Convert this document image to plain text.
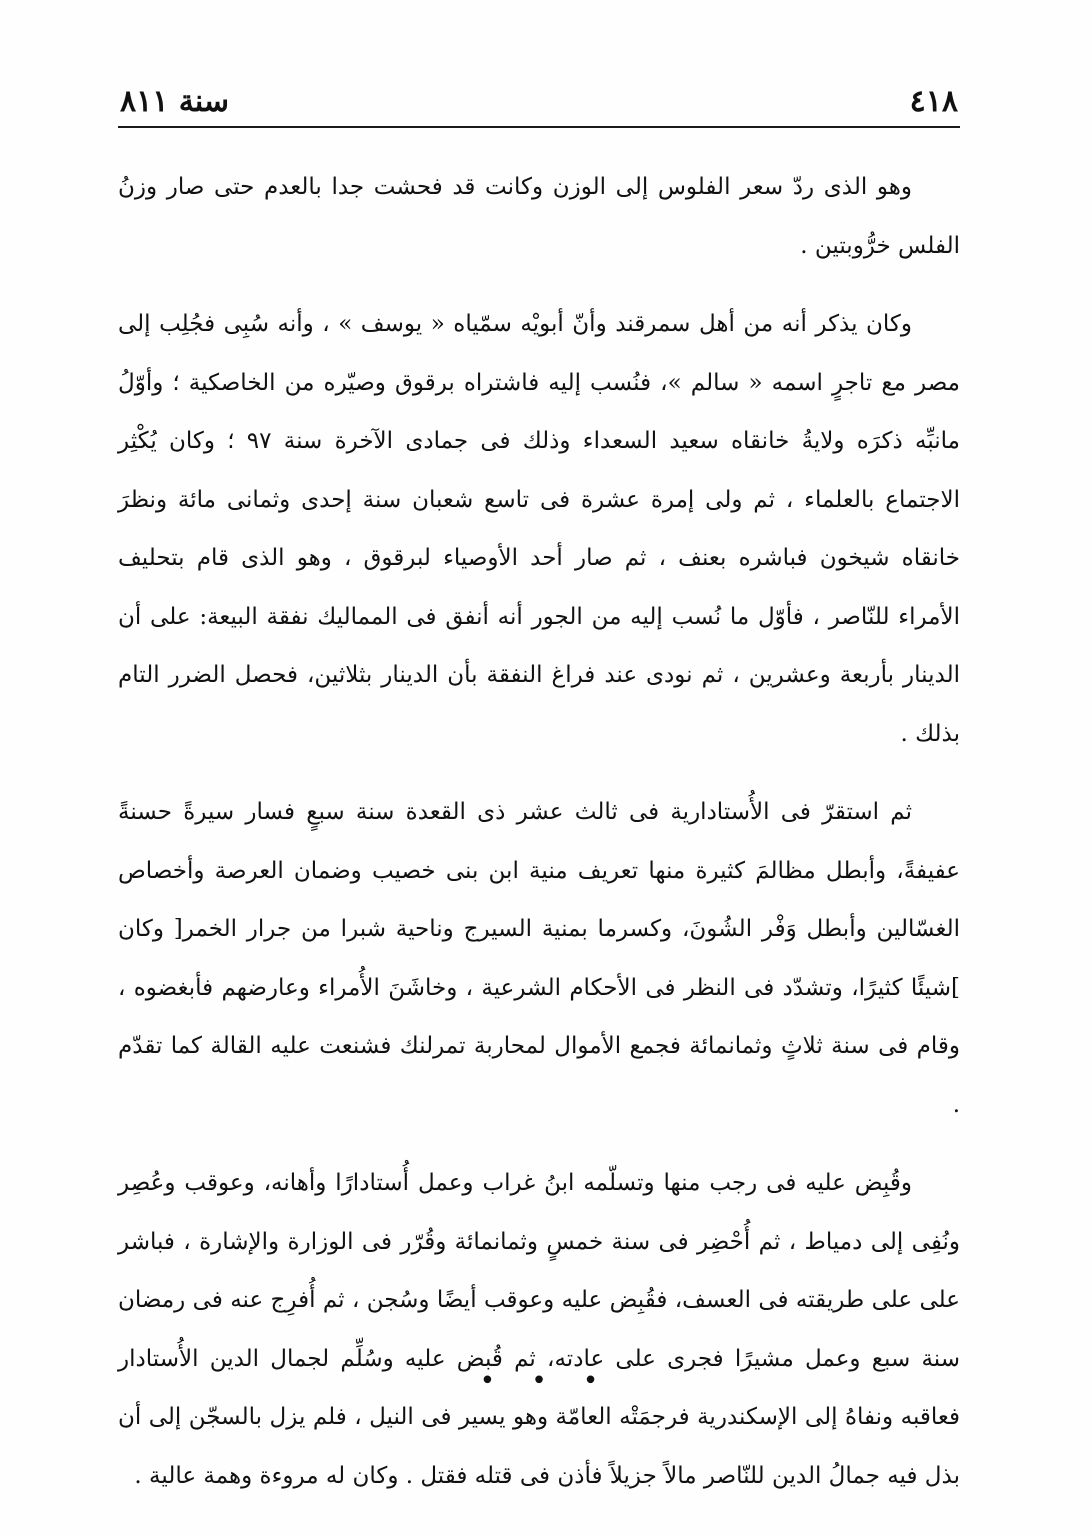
٤١٨
سنة ٨١١

وهو الذى ردّ سعر الفلوس إلى الوزن وكانت قد فحشت جدا بالعدم حتى صار وزنُ الفلس خرُّوبتين .

وكان يذكر أنه من أهل سمرقند وأنّ أبويْه سمّياه « يوسف » ، وأنه سُبِى فجُلِب إلى مصر مع تاجرٍ اسمه « سالم »، فنُسب إليه فاشتراه برقوق وصيّره من الخاصكية ؛ وأوّلُ مانبِّه ذكرَه ولايةُ خانقاه سعيد السعداء وذلك فى جمادى الآخرة سنة ٩٧ ؛ وكان يُكْثِر الاجتماع بالعلماء ، ثم ولى إمرة عشرة فى تاسع شعبان سنة إحدى وثمانى مائة ونظرَ خانقاه شيخون فباشره بعنف ، ثم صار أحد الأوصياء لبرقوق ، وهو الذى قام بتحليف الأمراء للنّاصر ، فأوّل ما نُسب إليه من الجور أنه أنفق فى المماليك نفقة البيعة: على أن الدينار بأربعة وعشرين ، ثم نودى عند فراغ النفقة بأن الدينار بثلاثين، فحصل الضرر التام بذلك .

ثم استقرّ فى الأُستادارية فى ثالث عشر ذى القعدة سنة سبعٍ فسار سيرةً حسنةً عفيفةً، وأبطل مظالمَ كثيرة منها تعريف منية ابن بنى خصيب وضمان العرصة وأخصاص الغسّالين وأبطل وَفْر الشُونَ، وكسرما بمنية السيرج وناحية شبرا من جرار الخمر[ وكان ]شيئًا كثيرًا، وتشدّد فى النظر فى الأحكام الشرعية ، وخاشَنَ الأُمراء وعارضهم فأبغضوه ، وقام فى سنة ثلاثٍ وثمانمائة فجمع الأموال لمحاربة تمرلنك فشنعت عليه القالة كما تقدّم .

وقُبِض عليه فى رجب منها وتسلّمه ابنُ غراب وعمل أُستادارًا وأهانه، وعوقب وعُصِر ونُفِى إلى دمياط ، ثم أُحْضِر فى سنة خمسٍ وثمانمائة وقُرّر فى الوزارة والإشارة ، فباشر على على طريقته فى العسف، فقُبِض عليه وعوقب أيضًا وسُجن ، ثم أُفرِج عنه فى رمضان سنة سبع وعمل مشيرًا فجرى على عادته، ثم قُبض عليه وسُلِّم لجمال الدين الأُستادار فعاقبه ونفاهُ إلى الإسكندرية فرجمَتْه العامّة وهو يسير فى النيل ، فلم يزل بالسجّن إلى أن بذل فيه جمالُ الدين للنّاصر مالاً جزيلاً فأذن فى قتله فقتل . وكان له مروءة وهمة عالية .

• • •
